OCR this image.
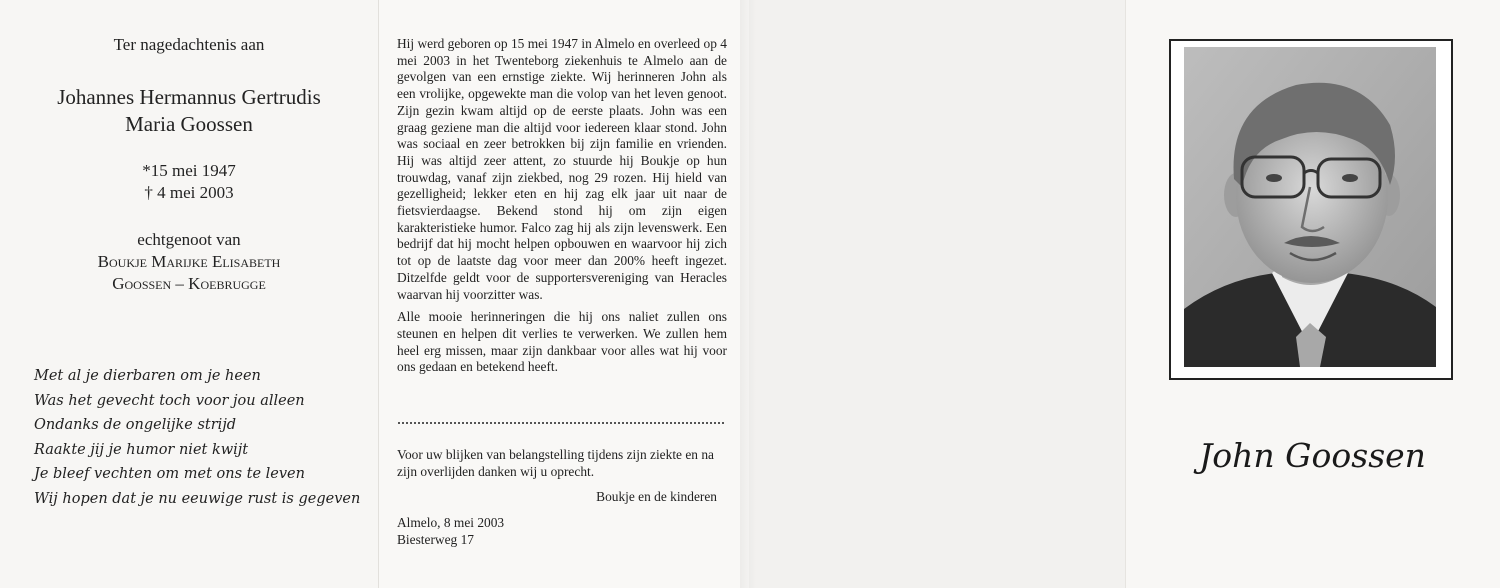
Ter nagedachtenis aan
Johannes Hermannus Gertrudis
Maria Goossen
*15 mei 1947
† 4 mei 2003
echtgenoot van
Boukje Marijke Elisabeth
Goossen – Koebrugge
Met al je dierbaren om je heen
Was het gevecht toch voor jou alleen
Ondanks de ongelijke strijd
Raakte jij je humor niet kwijt
Je bleef vechten om met ons te leven
Wij hopen dat je nu eeuwige rust is gegeven

Hij werd geboren op 15 mei 1947 in Almelo en overleed op 4 mei 2003 in het Twenteborg ziekenhuis te Almelo aan de gevolgen van een ernstige ziekte. Wij herinneren John als een vrolijke, opgewekte man die volop van het leven genoot. Zijn gezin kwam altijd op de eerste plaats. John was een graag geziene man die altijd voor iedereen klaar stond. John was sociaal en zeer betrokken bij zijn familie en vrienden. Hij was altijd zeer attent, zo stuurde hij Boukje op hun trouwdag, vanaf zijn ziekbed, nog 29 rozen. Hij hield van gezelligheid; lekker eten en hij zag elk jaar uit naar de fietsvierdaagse. Bekend stond hij om zijn eigen karakteristieke humor. Falco zag hij als zijn levenswerk. Een bedrijf dat hij mocht helpen opbouwen en waarvoor hij zich tot op de laatste dag voor meer dan 200% heeft ingezet. Ditzelfde geldt voor de supportersvereniging van Heracles waarvan hij voorzitter was.

Alle mooie herinneringen die hij ons naliet zullen ons steunen en helpen dit verlies te verwerken. We zullen hem heel erg missen, maar zijn dankbaar voor alles wat hij voor ons gedaan en betekend heeft.

Voor uw blijken van belangstelling tijdens zijn ziekte en na zijn overlijden danken wij u oprecht.
Boukje en de kinderen
Almelo, 8 mei 2003
Biesterweg 17
John Goossen
